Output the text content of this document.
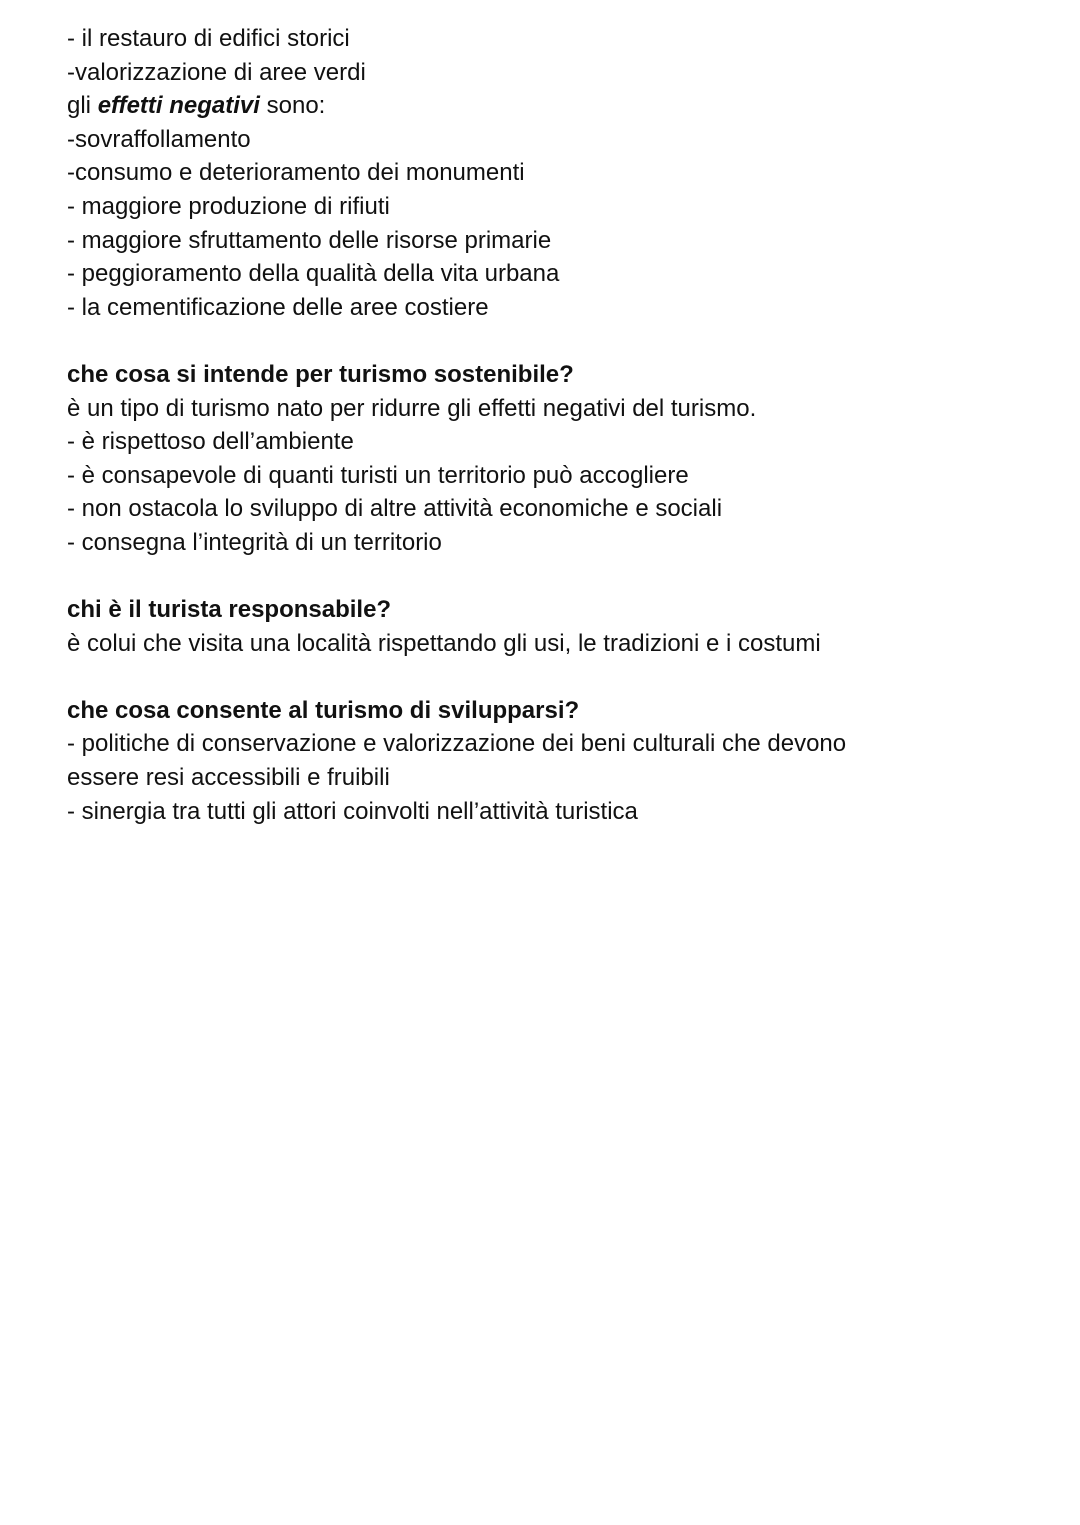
- il restauro di edifici storici

-valorizzazione di aree verdi

gli effetti negativi sono:

-sovraffollamento

-consumo e deterioramento dei monumenti

- maggiore produzione di rifiuti

- maggiore sfruttamento delle risorse primarie

- peggioramento della qualità della vita urbana

- la cementificazione delle aree costiere

che cosa si intende per turismo sostenibile?

è un tipo di turismo nato per ridurre gli effetti negativi del turismo.

- è rispettoso dell’ambiente

- è consapevole di quanti turisti un territorio può accogliere

- non ostacola lo sviluppo di altre attività economiche e sociali

- consegna l’integrità di un territorio

chi è il turista responsabile?

è colui che visita una località rispettando gli usi, le tradizioni e i costumi

che cosa consente al turismo di svilupparsi?

- politiche di conservazione e valorizzazione dei beni culturali che devono

essere resi accessibili e fruibili

- sinergia tra tutti gli attori coinvolti nell’attività turistica
